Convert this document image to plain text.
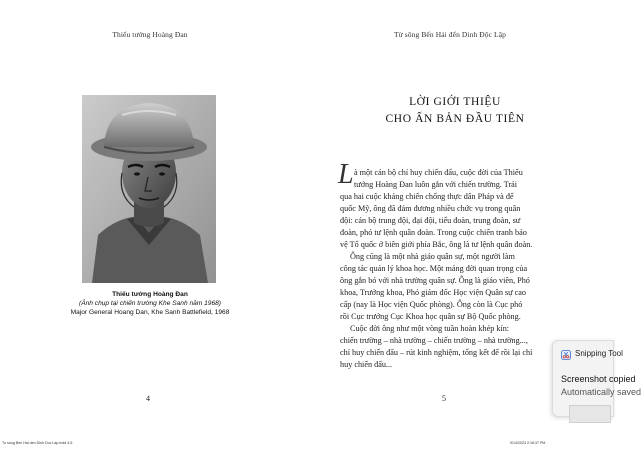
Thiếu tướng Hoàng Đan
Thiếu tướng Hoàng Đan
(Ảnh chụp tại chiến trường Khe Sanh năm 1968)
Major General Hoang Dan, Khe Sanh Battlefield, 1968
4
Từ sông Bến Hải đến Dinh Độc Lập
LỜI GIỚI THIỆU
CHO ẤN BẢN ĐẦU TIÊN
L à một cán bộ chỉ huy chiến đấu, cuộc đời của Thiếu
tướng Hoàng Đan luôn gắn với chiến trường. Trải
qua hai cuộc kháng chiến chống thực dân Pháp và đế
quốc Mỹ, ông đã đảm đương nhiều chức vụ trong quân
đội: cán bộ trung đội, đại đội, tiểu đoàn, trung đoàn, sư
đoàn, phó tư lệnh quân đoàn. Trong cuộc chiến tranh bảo
vệ Tổ quốc ở biên giới phía Bắc, ông là tư lệnh quân đoàn.
Ông cũng là một nhà giáo quân sự, một người làm
công tác quản lý khoa học. Một mảng đời quan trọng của
ông gắn bó với nhà trường quân sự. Ông là giáo viên, Phó
khoa, Trưởng khoa, Phó giám đốc Học viện Quân sự cao
cấp (nay là Học viện Quốc phòng). Ông còn là Cục phó
rồi Cục trưởng Cục Khoa học quân sự Bộ Quốc phòng.
Cuộc đời ông như một vòng tuần hoàn khép kín:
chiến trường – nhà trường – chiến trường – nhà trường...,
chỉ huy chiến đấu – rút kinh nghiệm, tổng kết để rồi lại chỉ
huy chiến đấu...
5
Tu song Ben Hai den Dinh Doc Lap.indd 4-5	9/14/2023 2:18:37 PM
Snipping Tool
Screenshot copied
Automatically saved
